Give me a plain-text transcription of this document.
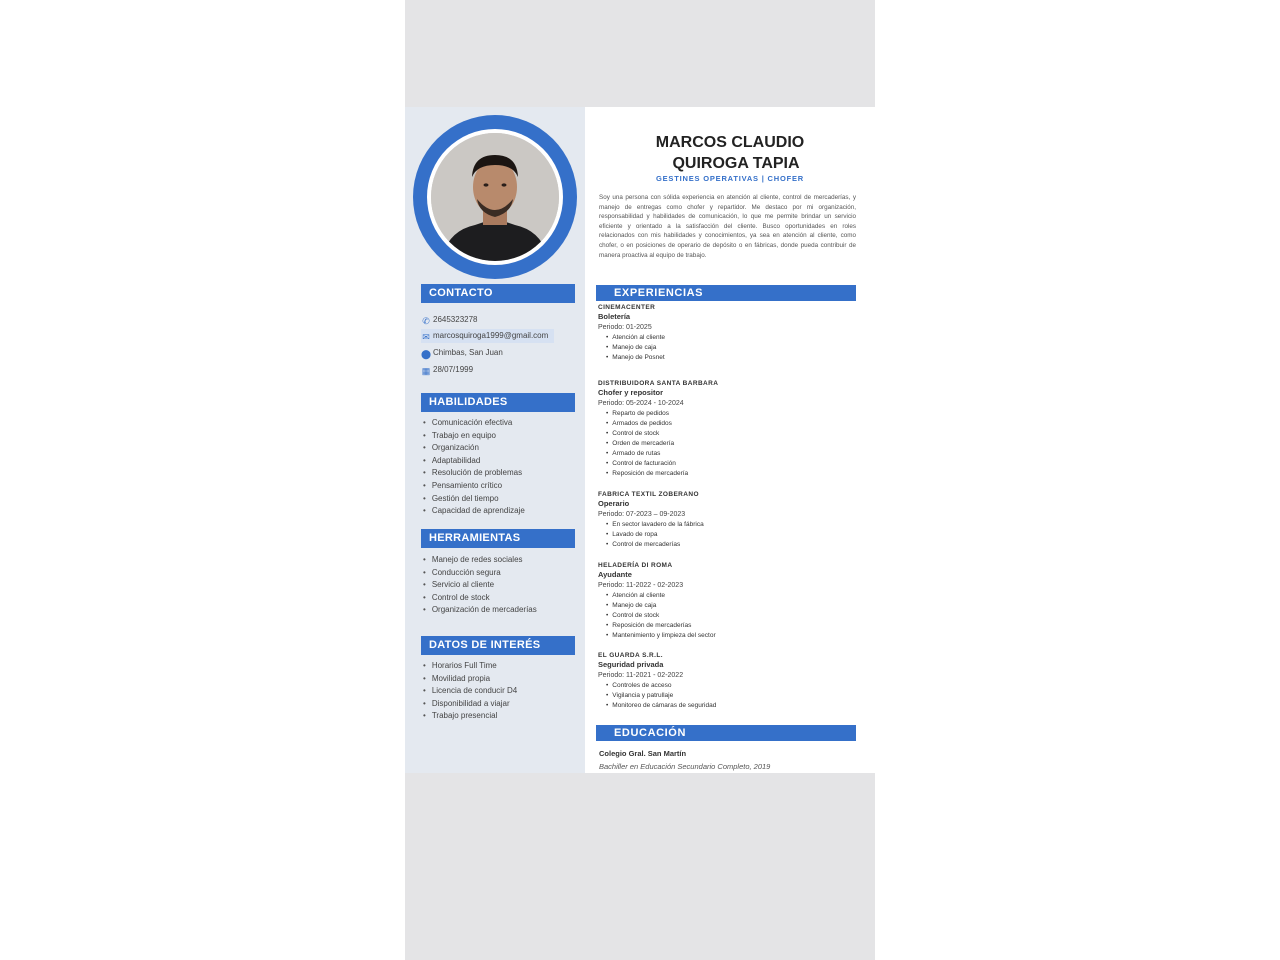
CONTACTO
✆ 2645323278
✉ marcosquiroga1999@gmail.com
⬤ Chimbas, San Juan
▦ 28/07/1999
HABILIDADES
• Comunicación efectiva
• Trabajo en equipo
• Organización
• Adaptabilidad
• Resolución de problemas
• Pensamiento crítico
• Gestión del tiempo
• Capacidad de aprendizaje
HERRAMIENTAS
• Manejo de redes sociales
• Conducción segura
• Servicio al cliente
• Control de stock
• Organización de mercaderías
DATOS DE INTERÉS
• Horarios Full Time
• Movilidad propia
• Licencia de conducir D4
• Disponibilidad a viajar
• Trabajo presencial
MARCOS CLAUDIO
QUIROGA TAPIA
GESTINES OPERATIVAS | CHOFER
Soy una persona con sólida experiencia en atención al cliente, control de mercaderías, y manejo de entregas como chofer y repartidor. Me destaco por mi organización, responsabilidad y habilidades de comunicación, lo que me permite brindar un servicio eficiente y orientado a la satisfacción del cliente. Busco oportunidades en roles relacionados con mis habilidades y conocimientos, ya sea en atención al cliente, como chofer, o en posiciones de operario de depósito o en fábricas, donde pueda contribuir de manera proactiva al equipo de trabajo.
EXPERIENCIAS
CINEMACENTER
Boletería
Periodo: 01-2025
• Atención al cliente
• Manejo de caja
• Manejo de Posnet
DISTRIBUIDORA SANTA BARBARA
Chofer y repositor
Periodo: 05-2024 - 10-2024
• Reparto de pedidos
• Armados de pedidos
• Control de stock
• Orden de mercadería
• Armado de rutas
• Control de facturación
• Reposición de mercadería
FABRICA TEXTIL ZOBERANO
Operario
Periodo: 07-2023 – 09-2023
• En sector lavadero de la fábrica
• Lavado de ropa
• Control de mercaderías
HELADERÍA DI ROMA
Ayudante
Periodo: 11-2022 - 02-2023
• Atención al cliente
• Manejo de caja
• Control de stock
• Reposición de mercaderías
• Mantenimiento y limpieza del sector
EL GUARDA S.R.L.
Seguridad privada
Periodo: 11-2021 - 02-2022
• Controles de acceso
• Vigilancia y patrullaje
• Monitoreo de cámaras de seguridad
EDUCACIÓN
Colegio Gral. San Martín
Bachiller en Educación Secundario Completo, 2019
